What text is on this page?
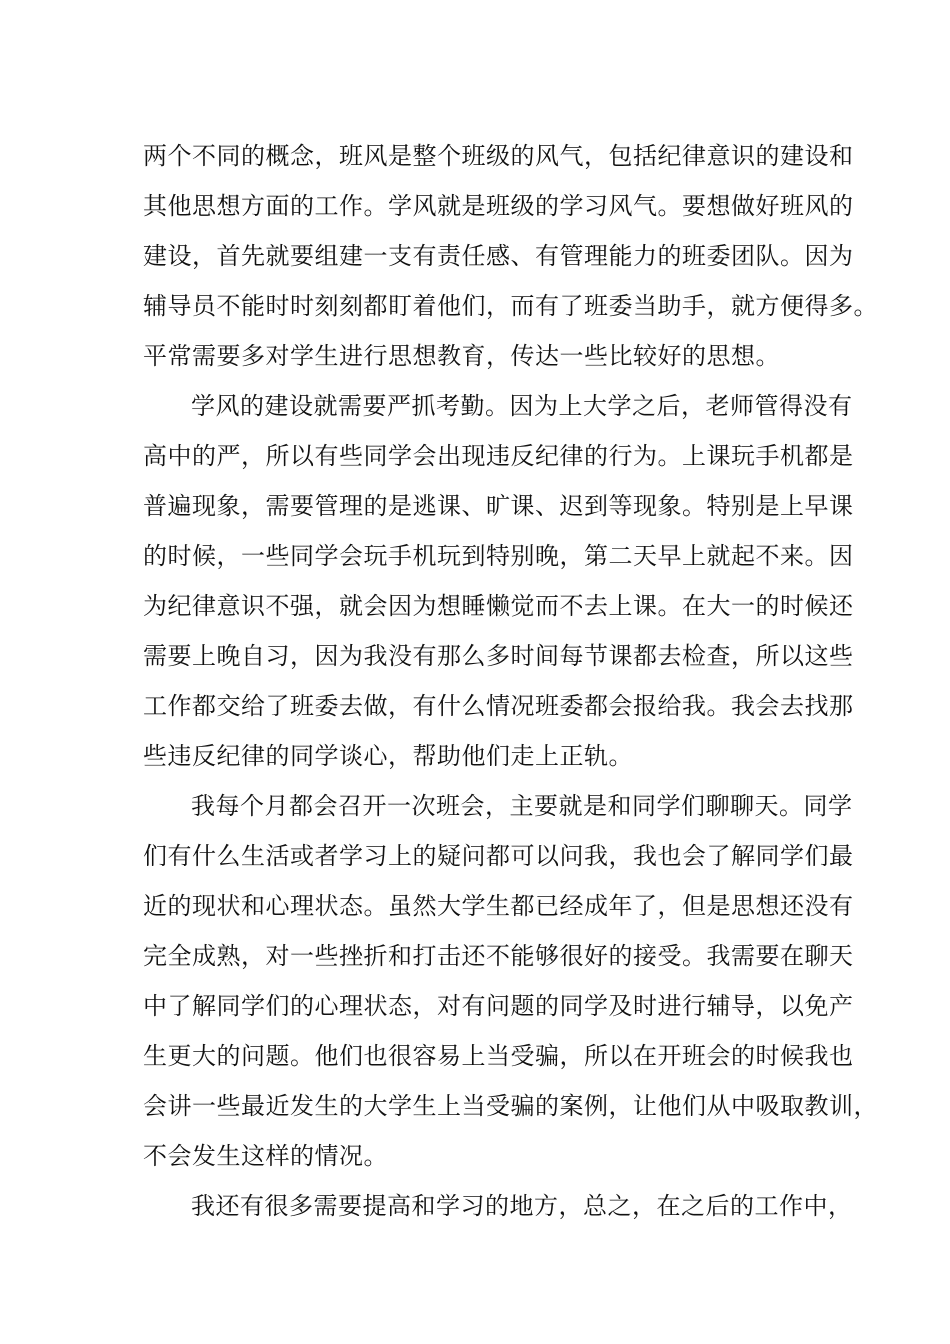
两个不同的概念，班风是整个班级的风气，包括纪律意识的建设和
其他思想方面的工作。学风就是班级的学习风气。要想做好班风的
建设，首先就要组建一支有责任感、有管理能力的班委团队。因为
辅导员不能时时刻刻都盯着他们，而有了班委当助手，就方便得多。
平常需要多对学生进行思想教育，传达一些比较好的思想。
学风的建设就需要严抓考勤。因为上大学之后，老师管得没有
高中的严，所以有些同学会出现违反纪律的行为。上课玩手机都是
普遍现象，需要管理的是逃课、旷课、迟到等现象。特别是上早课
的时候，一些同学会玩手机玩到特别晚，第二天早上就起不来。因
为纪律意识不强，就会因为想睡懒觉而不去上课。在大一的时候还
需要上晚自习，因为我没有那么多时间每节课都去检查，所以这些
工作都交给了班委去做，有什么情况班委都会报给我。我会去找那
些违反纪律的同学谈心，帮助他们走上正轨。
我每个月都会召开一次班会，主要就是和同学们聊聊天。同学
们有什么生活或者学习上的疑问都可以问我，我也会了解同学们最
近的现状和心理状态。虽然大学生都已经成年了，但是思想还没有
完全成熟，对一些挫折和打击还不能够很好的接受。我需要在聊天
中了解同学们的心理状态，对有问题的同学及时进行辅导，以免产
生更大的问题。他们也很容易上当受骗，所以在开班会的时候我也
会讲一些最近发生的大学生上当受骗的案例，让他们从中吸取教训，
不会发生这样的情况。
我还有很多需要提高和学习的地方，总之，在之后的工作中，
